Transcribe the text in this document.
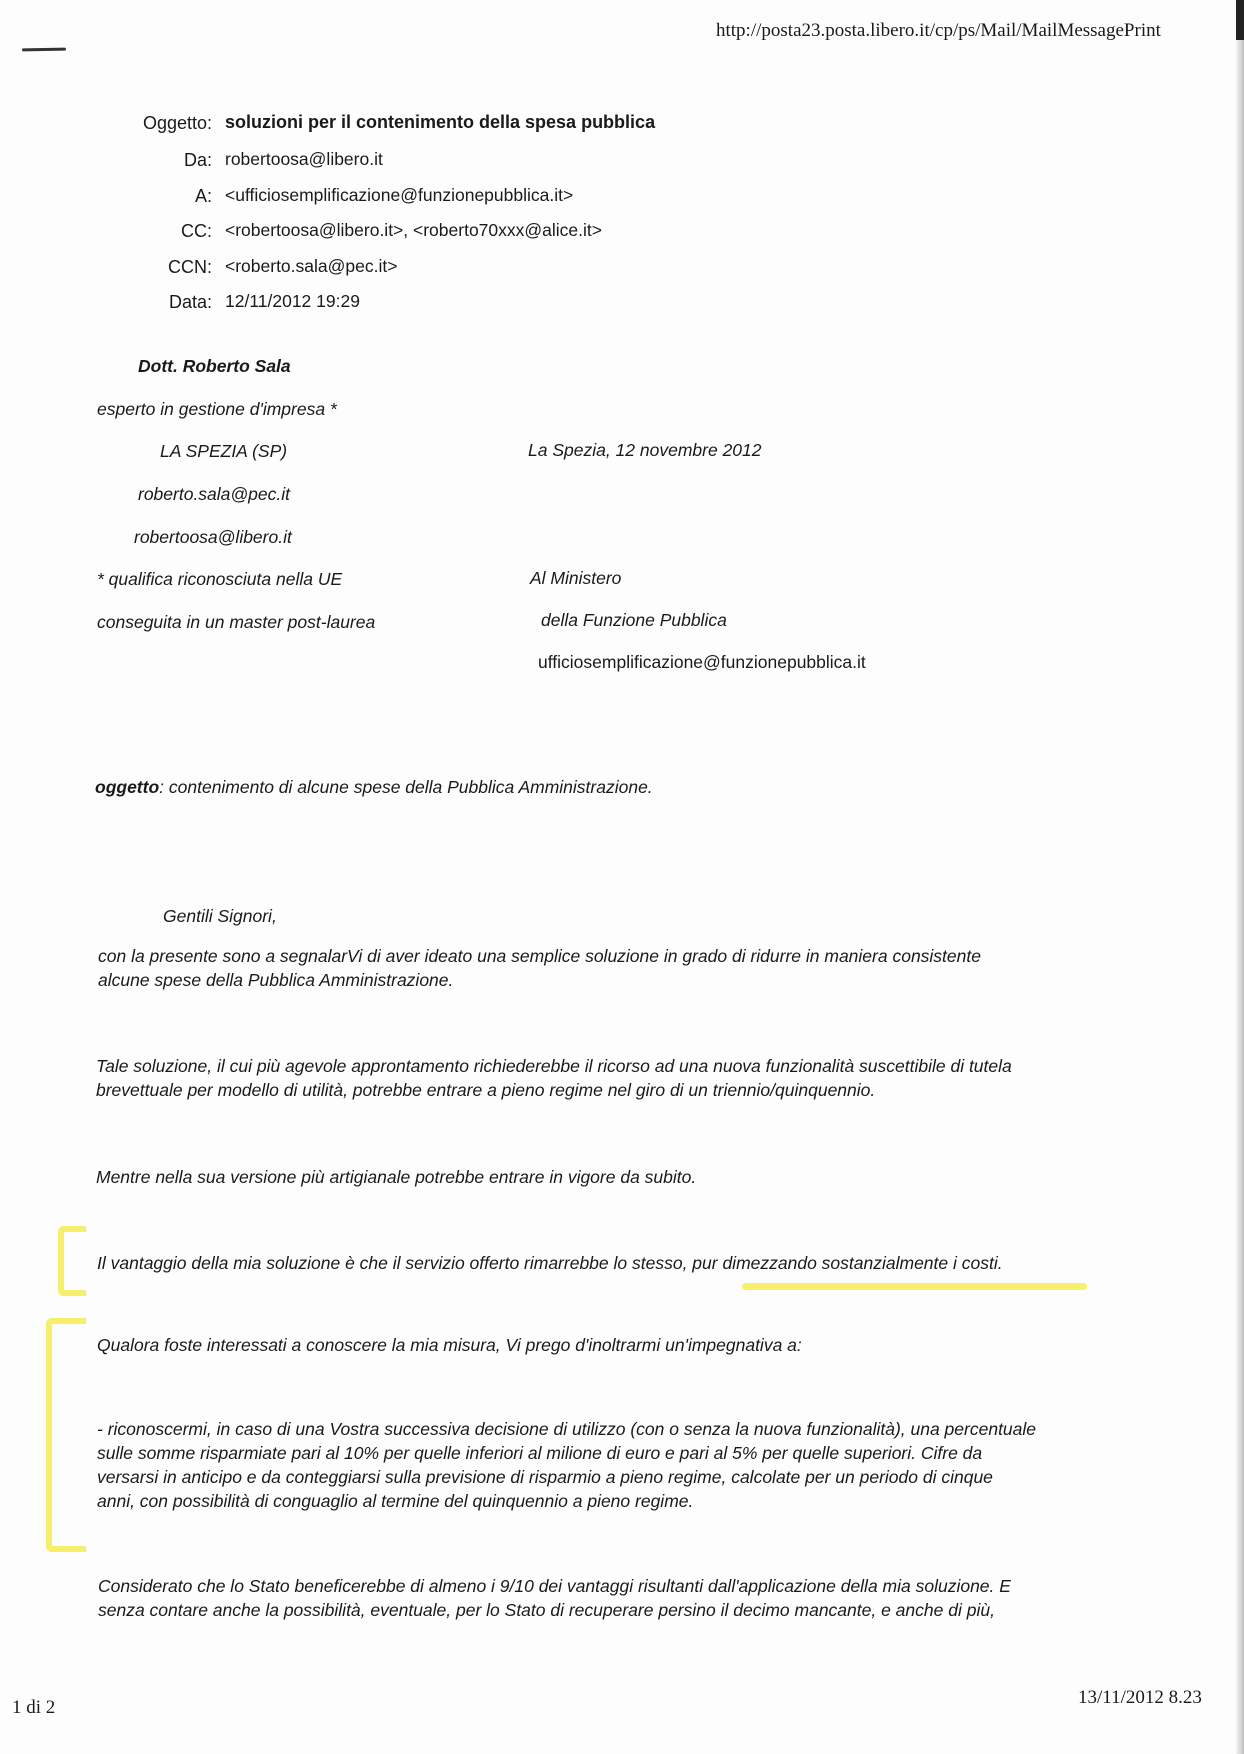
http://posta23.posta.libero.it/cp/ps/Mail/MailMessagePrint
Oggetto: soluzioni per il contenimento della spesa pubblica
Da: robertoosa@libero.it
A: <ufficiosemplificazione@funzionepubblica.it>
CC: <robertoosa@libero.it>, <roberto70xxx@alice.it>
CCN: <roberto.sala@pec.it>
Data: 12/11/2012 19:29
Dott. Roberto Sala
esperto in gestione d'impresa *
LA SPEZIA (SP)
roberto.sala@pec.it
robertoosa@libero.it
* qualifica riconosciuta nella UE
conseguita in un master post-laurea
La Spezia, 12 novembre 2012
Al Ministero
della Funzione Pubblica
ufficiosemplificazione@funzionepubblica.it
oggetto: contenimento di alcune spese della Pubblica Amministrazione.
Gentili Signori,
con la presente sono a segnalarVi di aver ideato una semplice soluzione in grado di ridurre in maniera consistente
alcune spese della Pubblica Amministrazione.
Tale soluzione, il cui più agevole approntamento richiederebbe il ricorso ad una nuova funzionalità suscettibile di tutela
brevettuale per modello di utilità, potrebbe entrare a pieno regime nel giro di un triennio/quinquennio.
Mentre nella sua versione più artigianale potrebbe entrare in vigore da subito.
Il vantaggio della mia soluzione è che il servizio offerto rimarrebbe lo stesso, pur dimezzando sostanzialmente i costi.
Qualora foste interessati a conoscere la mia misura, Vi prego d'inoltrarmi un'impegnativa a:
- riconoscermi, in caso di una Vostra successiva decisione di utilizzo (con o senza la nuova funzionalità), una percentuale
sulle somme risparmiate pari al 10% per quelle inferiori al milione di euro e pari al 5% per quelle superiori. Cifre da
versarsi in anticipo e da conteggiarsi sulla previsione di risparmio a pieno regime, calcolate per un periodo di cinque
anni, con possibilità di conguaglio al termine del quinquennio a pieno regime.
Considerato che lo Stato beneficerebbe di almeno i 9/10 dei vantaggi risultanti dall'applicazione della mia soluzione. E
senza contare anche la possibilità, eventuale, per lo Stato di recuperare persino il decimo mancante, e anche di più,
1 di 2	13/11/2012 8.23
